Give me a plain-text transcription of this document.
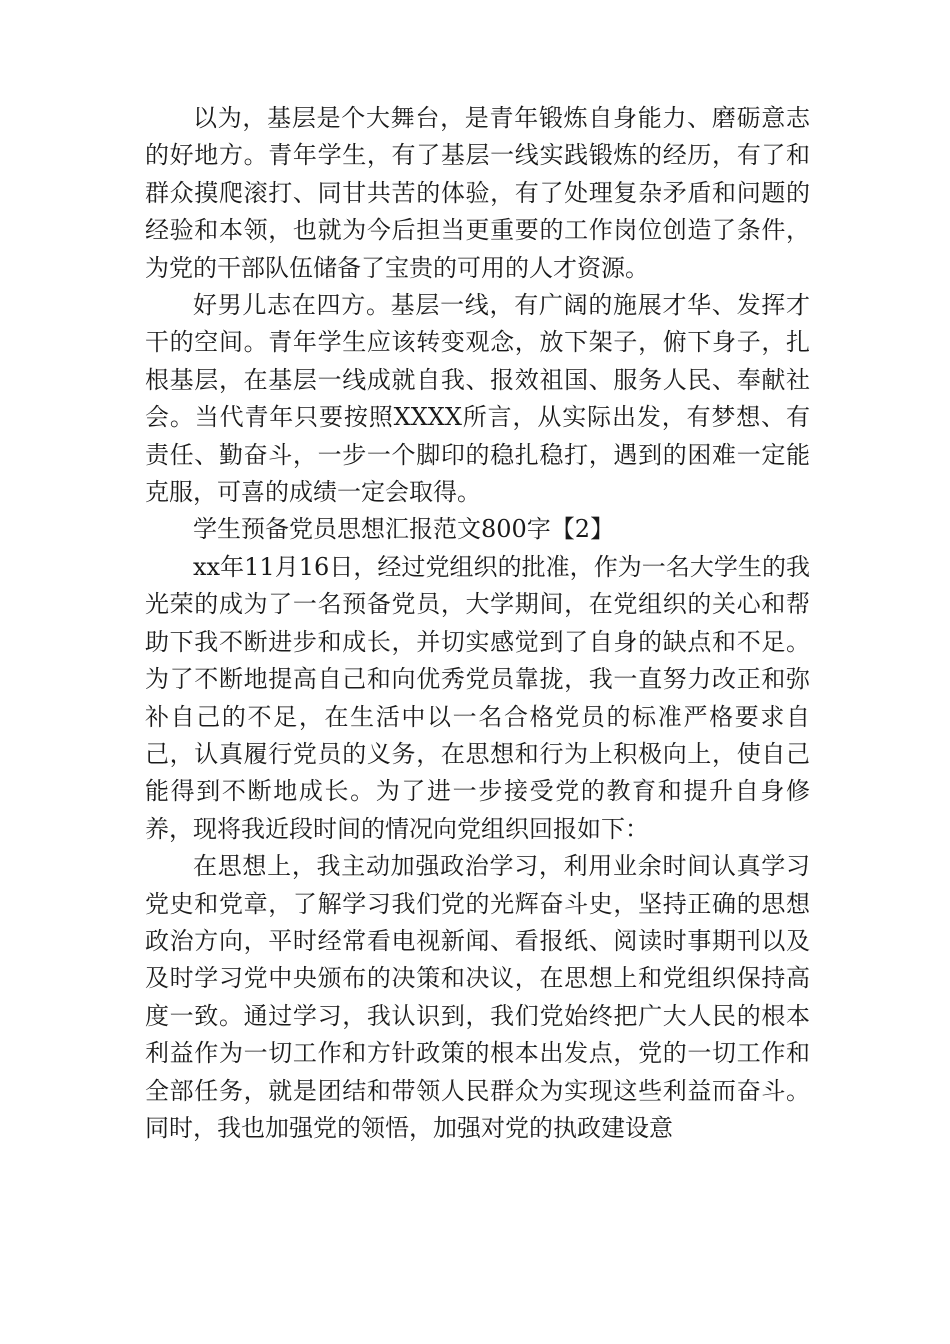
以为，基层是个大舞台，是青年锻炼自身能力、磨砺意志的好地方。青年学生，有了基层一线实践锻炼的经历，有了和群众摸爬滚打、同甘共苦的体验，有了处理复杂矛盾和问题的经验和本领，也就为今后担当更重要的工作岗位创造了条件，为党的干部队伍储备了宝贵的可用的人才资源。

好男儿志在四方。基层一线，有广阔的施展才华、发挥才干的空间。青年学生应该转变观念，放下架子，俯下身子，扎根基层，在基层一线成就自我、报效祖国、服务人民、奉献社会。当代青年只要按照XXXX所言，从实际出发，有梦想、有责任、勤奋斗，一步一个脚印的稳扎稳打，遇到的困难一定能克服，可喜的成绩一定会取得。

学生预备党员思想汇报范文800字【2】

xx年11月16日，经过党组织的批准，作为一名大学生的我光荣的成为了一名预备党员，大学期间，在党组织的关心和帮助下我不断进步和成长，并切实感觉到了自身的缺点和不足。为了不断地提高自己和向优秀党员靠拢，我一直努力改正和弥补自己的不足，在生活中以一名合格党员的标准严格要求自己，认真履行党员的义务，在思想和行为上积极向上，使自己能得到不断地成长。为了进一步接受党的教育和提升自身修养，现将我近段时间的情况向党组织回报如下：

在思想上，我主动加强政治学习，利用业余时间认真学习党史和党章，了解学习我们党的光辉奋斗史，坚持正确的思想政治方向，平时经常看电视新闻、看报纸、阅读时事期刊以及及时学习党中央颁布的决策和决议，在思想上和党组织保持高度一致。通过学习，我认识到，我们党始终把广大人民的根本利益作为一切工作和方针政策的根本出发点，党的一切工作和全部任务，就是团结和带领人民群众为实现这些利益而奋斗。同时，我也加强党的领悟，加强对党的执政建设意
